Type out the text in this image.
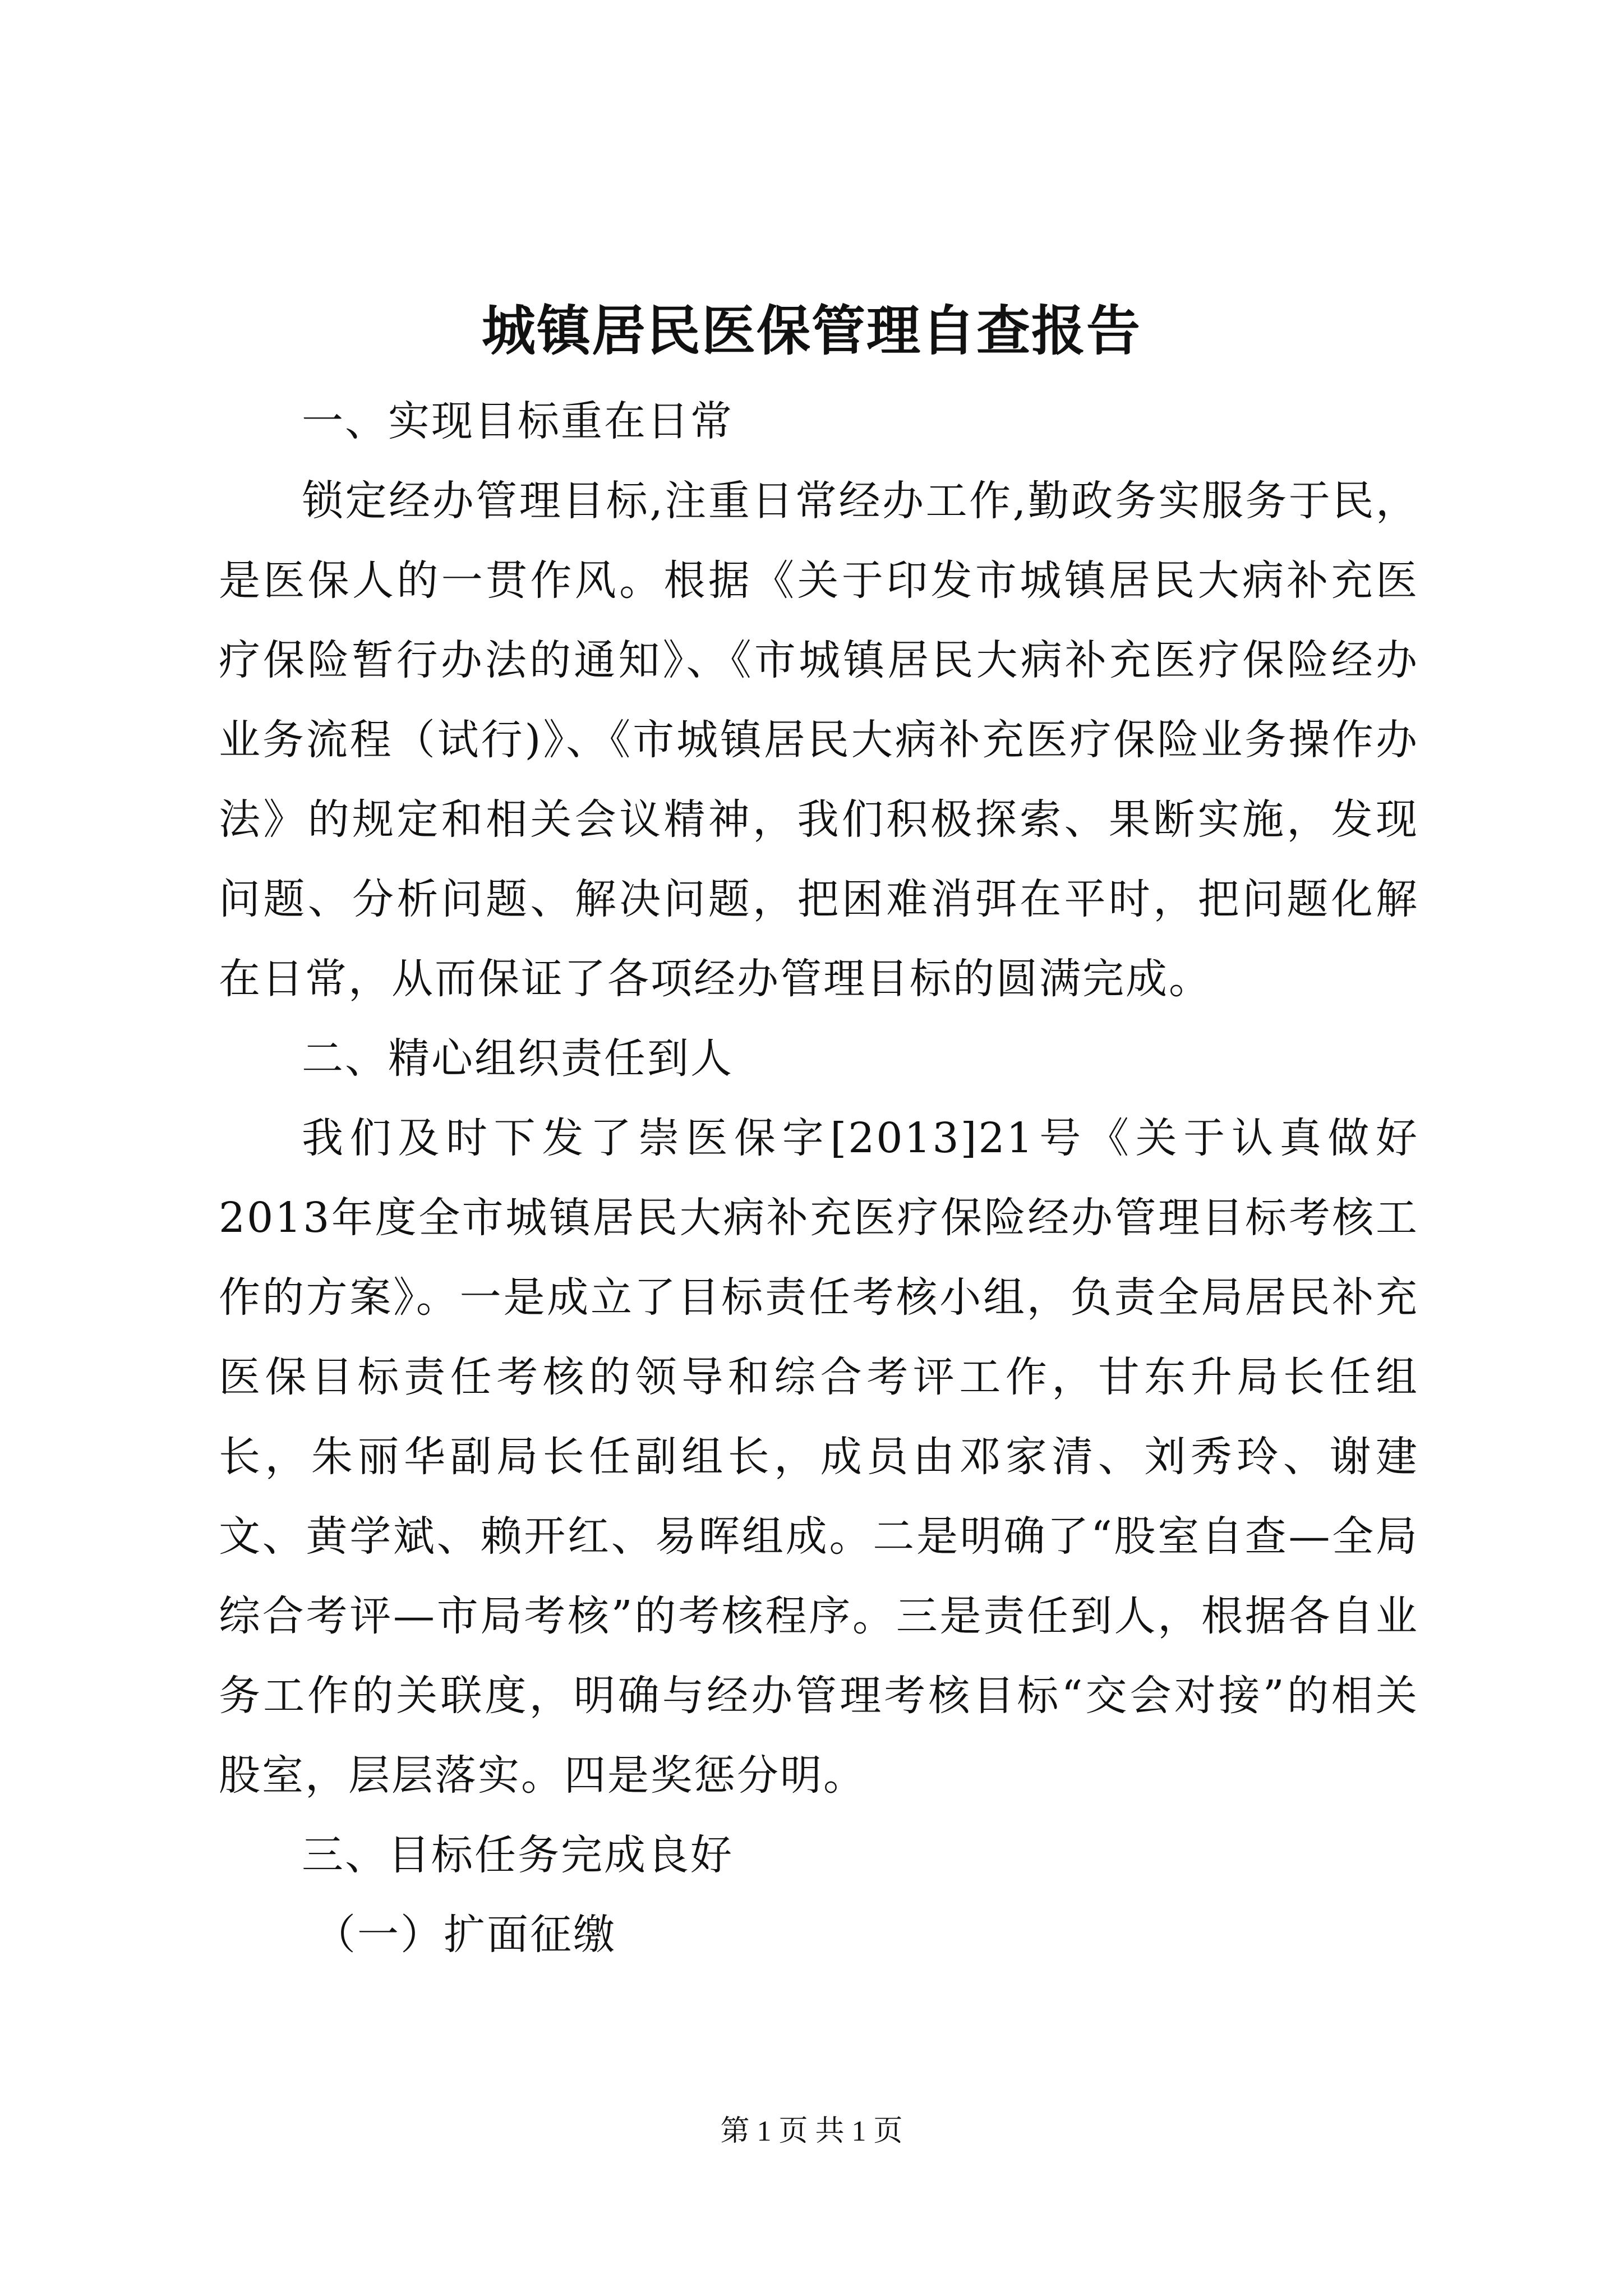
城镇居民医保管理自查报告

一、实现目标重在日常

锁定经办管理目标,注重日常经办工作,勤政务实服务于民，是医保人的一贯作风。根据《关于印发市城镇居民大病补充医疗保险暂行办法的通知》、《市城镇居民大病补充医疗保险经办业务流程（试行)》、《市城镇居民大病补充医疗保险业务操作办法》的规定和相关会议精神，我们积极探索、果断实施，发现问题、分析问题、解决问题，把困难消弭在平时，把问题化解在日常，从而保证了各项经办管理目标的圆满完成。

二、精心组织责任到人

我们及时下发了崇医保字[2013]21号《关于认真做好2013年度全市城镇居民大病补充医疗保险经办管理目标考核工作的方案》。一是成立了目标责任考核小组，负责全局居民补充医保目标责任考核的领导和综合考评工作，甘东升局长任组长，朱丽华副局长任副组长，成员由邓家清、刘秀玲、谢建文、黄学斌、赖开红、易晖组成。二是明确了“股室自查—全局综合考评—市局考核”的考核程序。三是责任到人，根据各自业务工作的关联度，明确与经办管理考核目标“交会对接”的相关股室，层层落实。四是奖惩分明。

三、目标任务完成良好

（一）扩面征缴

第 1 页 共 1 页
